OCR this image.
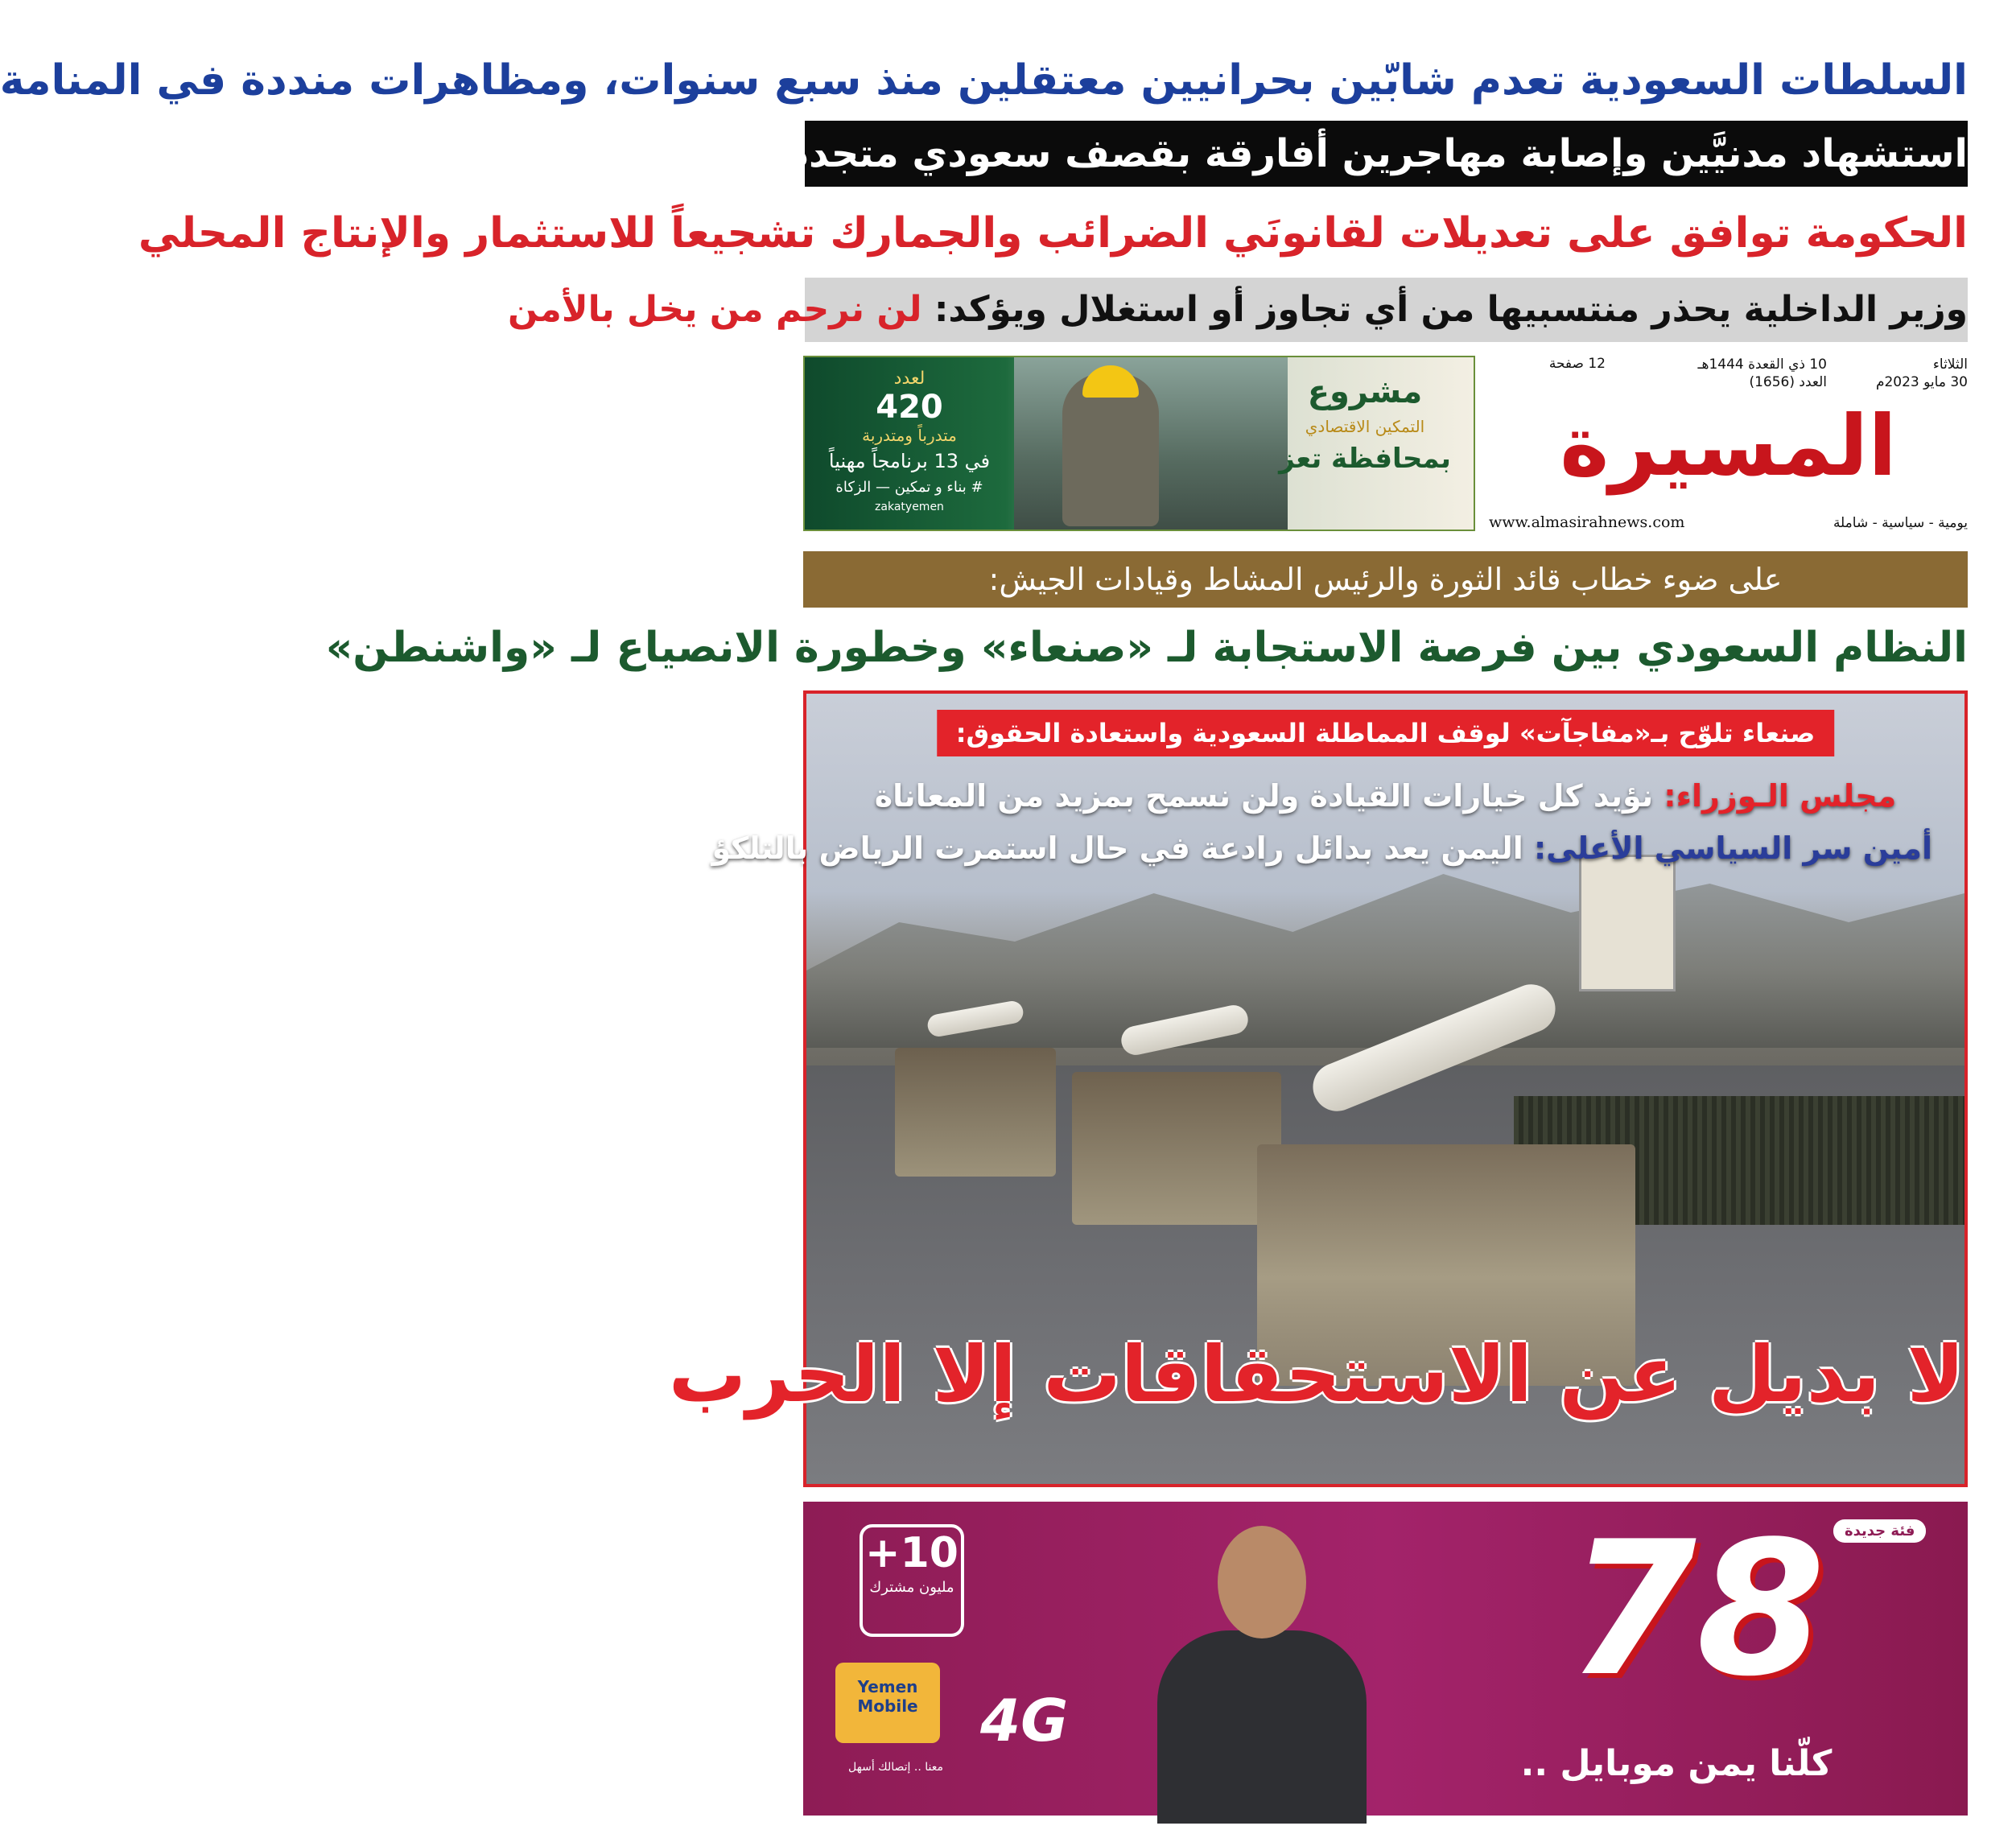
السلطات السعودية تعدم شابّين بحرانيين معتقلين منذ سبع سنوات، ومظاهرات منددة في المنامة
استشهاد مدنيَّين وإصابة مهاجرين أفارقة بقصف سعودي متجدد على صعدة
الحكومة توافق على تعديلات لقانونَي الضرائب والجمارك تشجيعاً للاستثمار والإنتاج المحلي
وزير الداخلية يحذر منتسبيها من أي تجاوز أو استغلال ويؤكد: لن نرحم من يخل بالأمن
لعدد
420
متدرباً ومتدربة
في 13 برنامجاً مهنياً
# بناء و تمكين — الزكاة
zakatyemen
مشروع
التمكين الاقتصادي
بمحافظة تعز
الثلاثاء
30 مايو 2023م
10 ذي القعدة 1444هـ
العدد (1656)
12 صفحة
المسيرة
يومية - سياسية - شاملة
www.almasirahnews.com
على ضوء خطاب قائد الثورة والرئيس المشاط وقيادات الجيش:
النظام السعودي بين فرصة الاستجابة لـ «صنعاء» وخطورة الانصياع لـ «واشنطن»
صنعاء تلوّح بـ«مفاجآت» لوقف المماطلة السعودية واستعادة الحقوق:
مجلس الـوزراء: نؤيد كل خيارات القيادة ولن نسمح بمزيد من المعاناة
أمين سر السياسي الأعلى: اليمن يعد بدائل رادعة في حال استمرت الرياض بالتلكؤ
لا بديل عن الاستحقاقات إلا الحرب
10+
مليون مشترك
Yemen Mobile
معنا .. إتصالك أسهل
4G
فئة جديدة
78
كلّنا يمن موبايل ..
